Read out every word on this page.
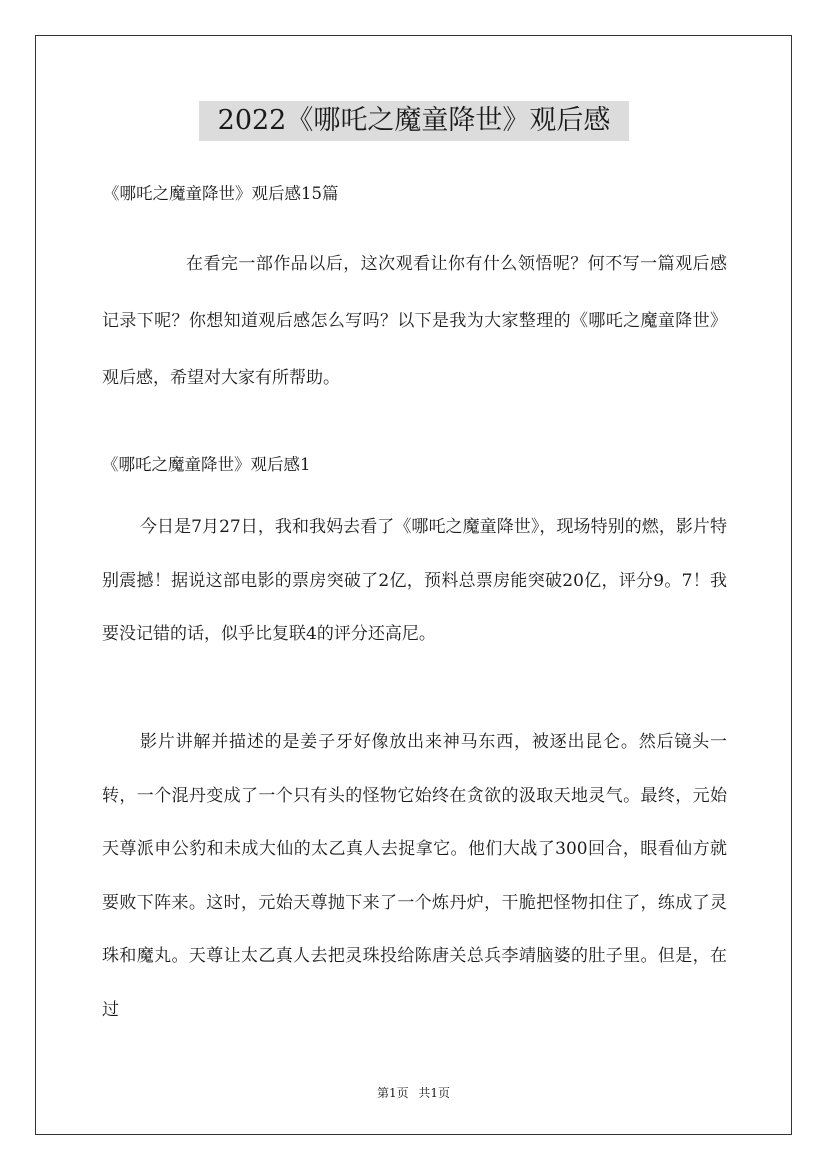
2022《哪吒之魔童降世》观后感
《哪吒之魔童降世》观后感15篇

在看完一部作品以后，这次观看让你有什么领悟呢？何不写一篇观后感记录下呢？你想知道观后感怎么写吗？以下是我为大家整理的《哪吒之魔童降世》观后感，希望对大家有所帮助。

《哪吒之魔童降世》观后感1

今日是7月27日，我和我妈去看了《哪吒之魔童降世》，现场特别的燃，影片特别震撼！据说这部电影的票房突破了2亿，预料总票房能突破20亿，评分9。7！我要没记错的话，似乎比复联4的评分还高尼。

影片讲解并描述的是姜子牙好像放出来神马东西，被逐出昆仑。然后镜头一转，一个混丹变成了一个只有头的怪物它始终在贪欲的汲取天地灵气。最终，元始天尊派申公豹和未成大仙的太乙真人去捉拿它。他们大战了300回合，眼看仙方就要败下阵来。这时，元始天尊抛下来了一个炼丹炉，干脆把怪物扣住了，练成了灵珠和魔丸。天尊让太乙真人去把灵珠投给陈唐关总兵李靖脑婆的肚子里。但是，在过

第1页 共1页
